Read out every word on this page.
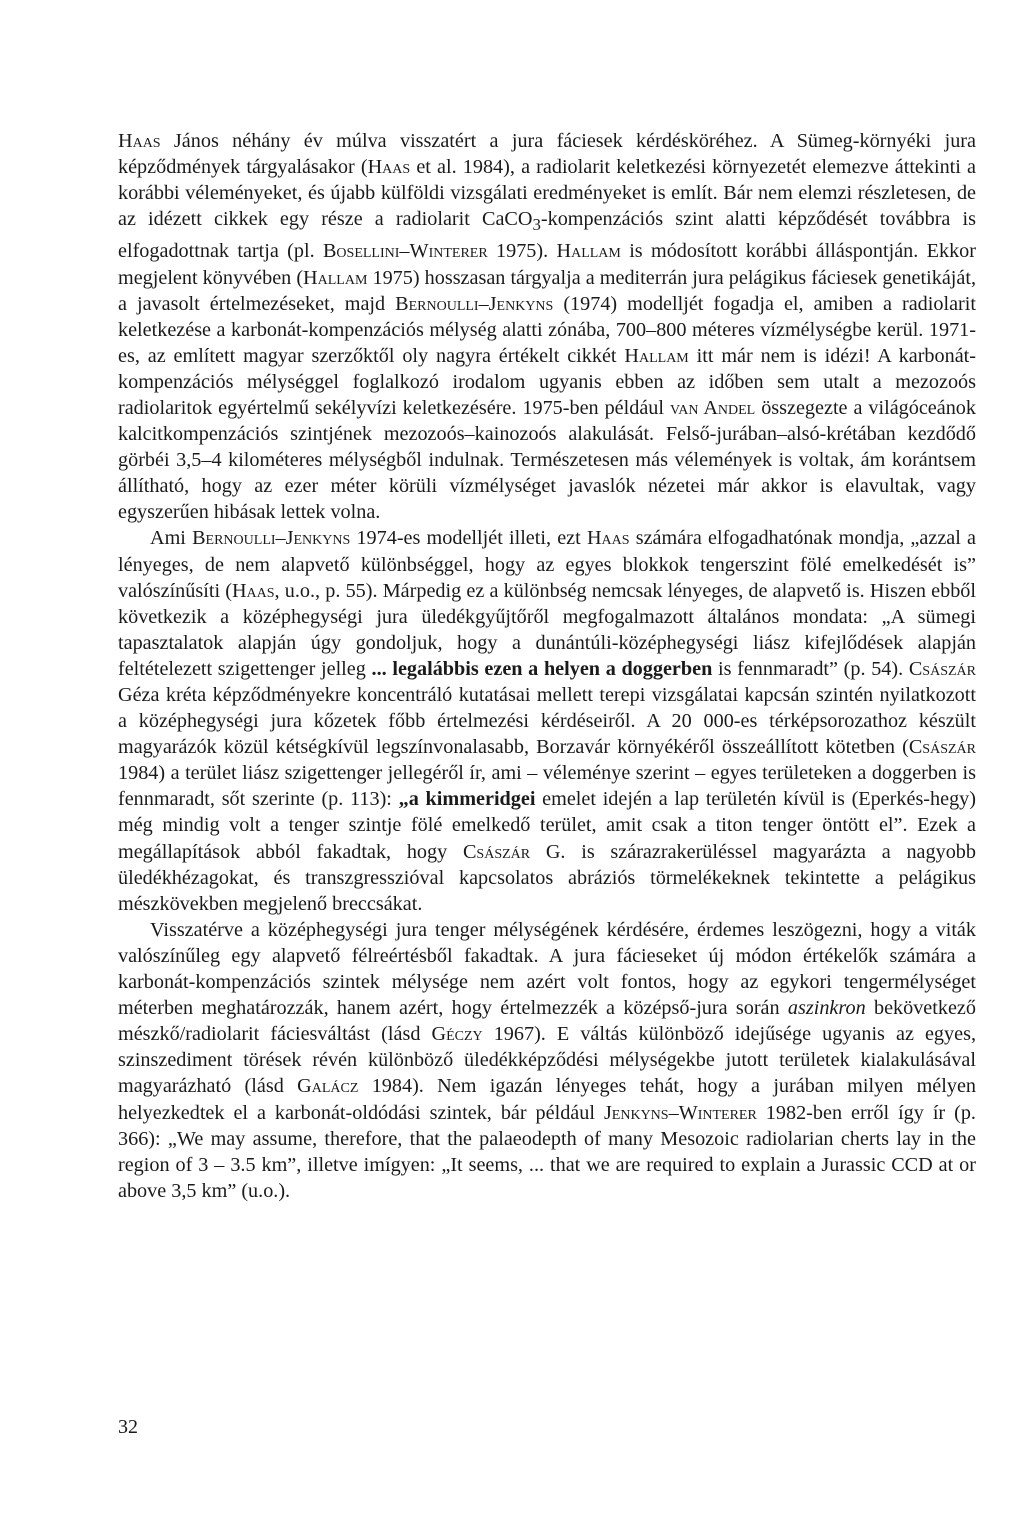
Haas János néhány év múlva visszatért a jura fáciesek kérdésköréhez. A Sümeg-környéki jura képződmények tárgyalásakor (Haas et al. 1984), a radiolarit keletkezési környezetét elemezve áttekinti a korábbi véleményeket, és újabb külföldi vizsgálati eredményeket is említ. Bár nem elemzi részletesen, de az idézett cikkek egy része a radiolarit CaCO$_3$-kompenzációs szint alatti képződését továbbra is elfogadottnak tartja (pl. Bosellini–Winterer 1975). Hallam is módosított korábbi álláspontján. Ekkor megjelent könyvében (Hallam 1975) hosszasan tárgyalja a mediterrán jura pelágikus fáciesek genetikáját, a javasolt értelmezéseket, majd Bernoulli–Jenkyns (1974) modelljét fogadja el, amiben a radiolarit keletkezése a karbonát-kompenzációs mélység alatti zónába, 700–800 méteres vízmélységbe kerül. 1971-es, az említett magyar szerzőktől oly nagyra értékelt cikkét Hallam itt már nem is idézi! A karbonát-kompenzációs mélységgel foglalkozó irodalom ugyanis ebben az időben sem utalt a mezozoós radiolaritok egyértelmű sekélyvízi keletkezésére. 1975-ben például van Andel összegezte a világóceánok kalcitkompenzációs szintjének mezozoós–kainozoós alakulását. Felső-jurában–alsó-krétában kezdődő görbéi 3,5–4 kilométeres mélységből indulnak. Természetesen más vélemények is voltak, ám korántsem állítható, hogy az ezer méter körüli vízmélységet javaslók nézetei már akkor is elavultak, vagy egyszerűen hibásak lettek volna.

Ami Bernoulli–Jenkyns 1974-es modelljét illeti, ezt Haas számára elfogadhatónak mondja, „azzal a lényeges, de nem alapvető különbséggel, hogy az egyes blokkok tengerszint fölé emelkedését is” valószínűsíti (Haas, u.o., p. 55). Márpedig ez a különbség nemcsak lényeges, de alapvető is. Hiszen ebből következik a középhegységi jura üledékgyűjtőről megfogalmazott általános mondata: „A sümegi tapasztalatok alapján úgy gondoljuk, hogy a dunántúli-középhegységi liász kifejlődések alapján feltételezett szigettenger jelleg ... legalábbis ezen a helyen a doggerben is fennmaradt” (p. 54). Császár Géza kréta képződményekre koncentráló kutatásai mellett terepi vizsgálatai kapcsán szintén nyilatkozott a középhegységi jura kőzetek főbb értelmezési kérdéseiről. A 20 000-es térképsorozathoz készült magyarázók közül kétségkívül legszínvonalasabb, Borzavár környékéről összeállított kötetben (Császár 1984) a terület liász szigettenger jellegéről ír, ami – véleménye szerint – egyes területeken a doggerben is fennmaradt, sőt szerinte (p. 113): „a kimmeridgei emelet idején a lap területén kívül is (Eperkés-hegy) még mindig volt a tenger szintje fölé emelkedő terület, amit csak a titon tenger öntött el”. Ezek a megállapítások abból fakadtak, hogy Császár G. is szárazrakerüléssel magyarázta a nagyobb üledékhézagokat, és transzgresszióval kapcsolatos abráziós törmelékeknek tekintette a pelágikus mészkövekben megjelenő breccsákat.

Visszatérve a középhegységi jura tenger mélységének kérdésére, érdemes leszögezni, hogy a viták valószínűleg egy alapvető félreértésből fakadtak. A jura fácieseket új módon értékelők számára a karbonát-kompenzációs szintek mélysége nem azért volt fontos, hogy az egykori tengermélységet méterben meghatározzák, hanem azért, hogy értelmezzék a középső-jura során aszinkron bekövetkező mészkő/radiolarit fáciesváltást (lásd Géczy 1967). E váltás különböző idejűsége ugyanis az egyes, szinszediment törések révén különböző üledékképződési mélységekbe jutott területek kialakulásával magyarázható (lásd Galácz 1984). Nem igazán lényeges tehát, hogy a jurában milyen mélyen helyezkedtek el a karbonát-oldódási szintek, bár például Jenkyns–Winterer 1982-ben erről így ír (p. 366): „We may assume, therefore, that the palaeodepth of many Mesozoic radiolarian cherts lay in the region of 3 – 3.5 km”, illetve imígyen: „It seems, ... that we are required to explain a Jurassic CCD at or above 3,5 km” (u.o.).

32
